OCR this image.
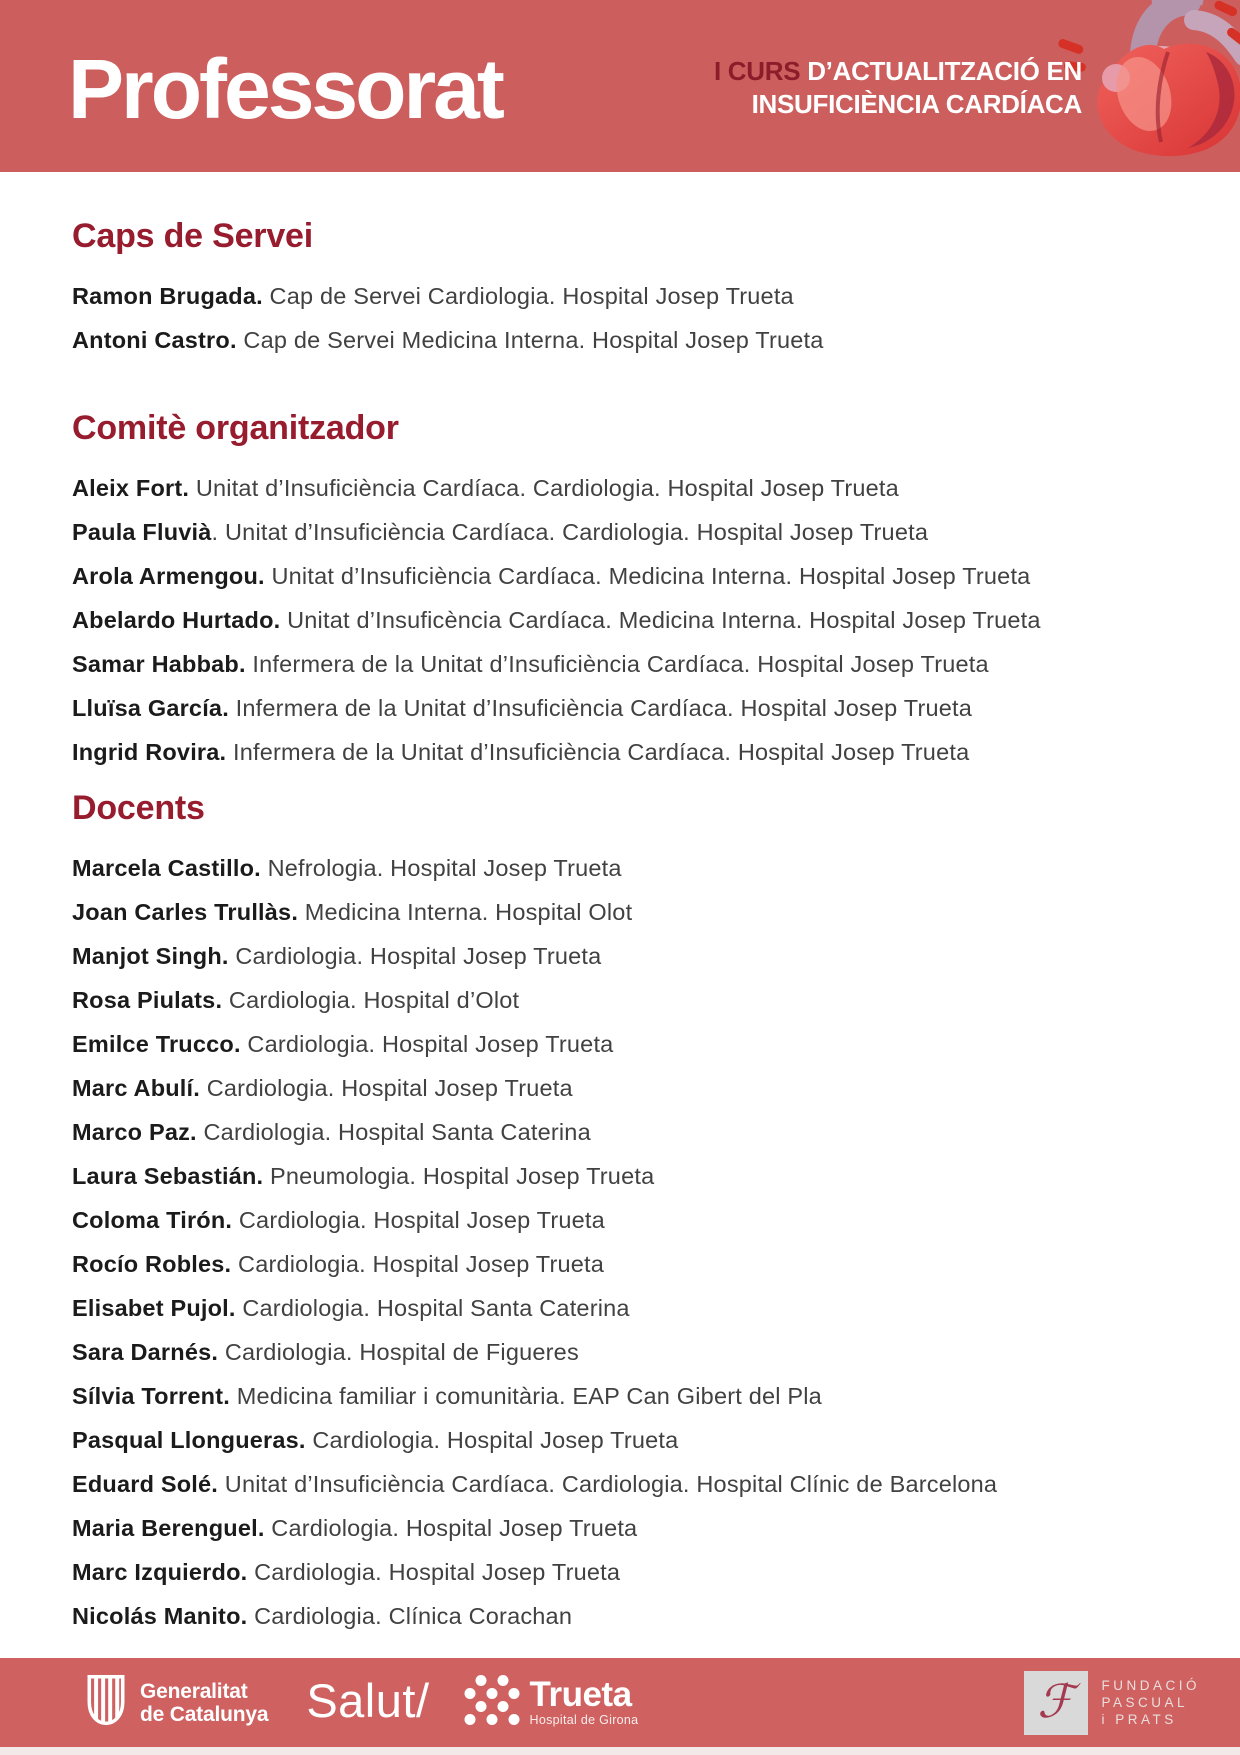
Professorat	I CURS D’ACTUALITZACIÓ EN
INSUFICIÈNCIA CARDÍACA
Caps de Servei

Ramon Brugada. Cap de Servei Cardiologia. Hospital Josep Trueta

Antoni Castro. Cap de Servei Medicina Interna. Hospital Josep Trueta

Comitè organitzador

Aleix Fort. Unitat d’Insuficiència Cardíaca. Cardiologia. Hospital Josep Trueta

Paula Fluvià. Unitat d’Insuficiència Cardíaca. Cardiologia. Hospital Josep Trueta

Arola Armengou. Unitat d’Insuficiència Cardíaca. Medicina Interna. Hospital Josep Trueta

Abelardo Hurtado. Unitat d’Insuficència Cardíaca. Medicina Interna. Hospital Josep Trueta

Samar Habbab. Infermera de la Unitat d’Insuficiència Cardíaca. Hospital Josep Trueta

Lluïsa García. Infermera de la Unitat d’Insuficiència Cardíaca. Hospital Josep Trueta

Ingrid Rovira. Infermera de la Unitat d’Insuficiència Cardíaca. Hospital Josep Trueta

Docents

Marcela Castillo. Nefrologia. Hospital Josep Trueta

Joan Carles Trullàs. Medicina Interna. Hospital Olot

Manjot Singh. Cardiologia. Hospital Josep Trueta

Rosa Piulats. Cardiologia. Hospital d’Olot

Emilce Trucco. Cardiologia. Hospital Josep Trueta

Marc Abulí. Cardiologia. Hospital Josep Trueta

Marco Paz. Cardiologia. Hospital Santa Caterina

Laura Sebastián. Pneumologia. Hospital Josep Trueta

Coloma Tirón. Cardiologia. Hospital Josep Trueta

Rocío Robles. Cardiologia. Hospital Josep Trueta

Elisabet Pujol. Cardiologia. Hospital Santa Caterina

Sara Darnés. Cardiologia. Hospital de Figueres

Sílvia Torrent. Medicina familiar i comunitària. EAP Can Gibert del Pla

Pasqual Llongueras. Cardiologia. Hospital Josep Trueta

Eduard Solé. Unitat d’Insuficiència Cardíaca. Cardiologia. Hospital Clínic de Barcelona

Maria Berenguel. Cardiologia. Hospital Josep Trueta

Marc Izquierdo. Cardiologia. Hospital Josep Trueta

Nicolás Manito. Cardiologia. Clínica Corachan

Generalitat
de Catalunya Salut/	Trueta
Hospital de Girona	ℱ FUNDACIÓ
PASCUAL
i PRATS
